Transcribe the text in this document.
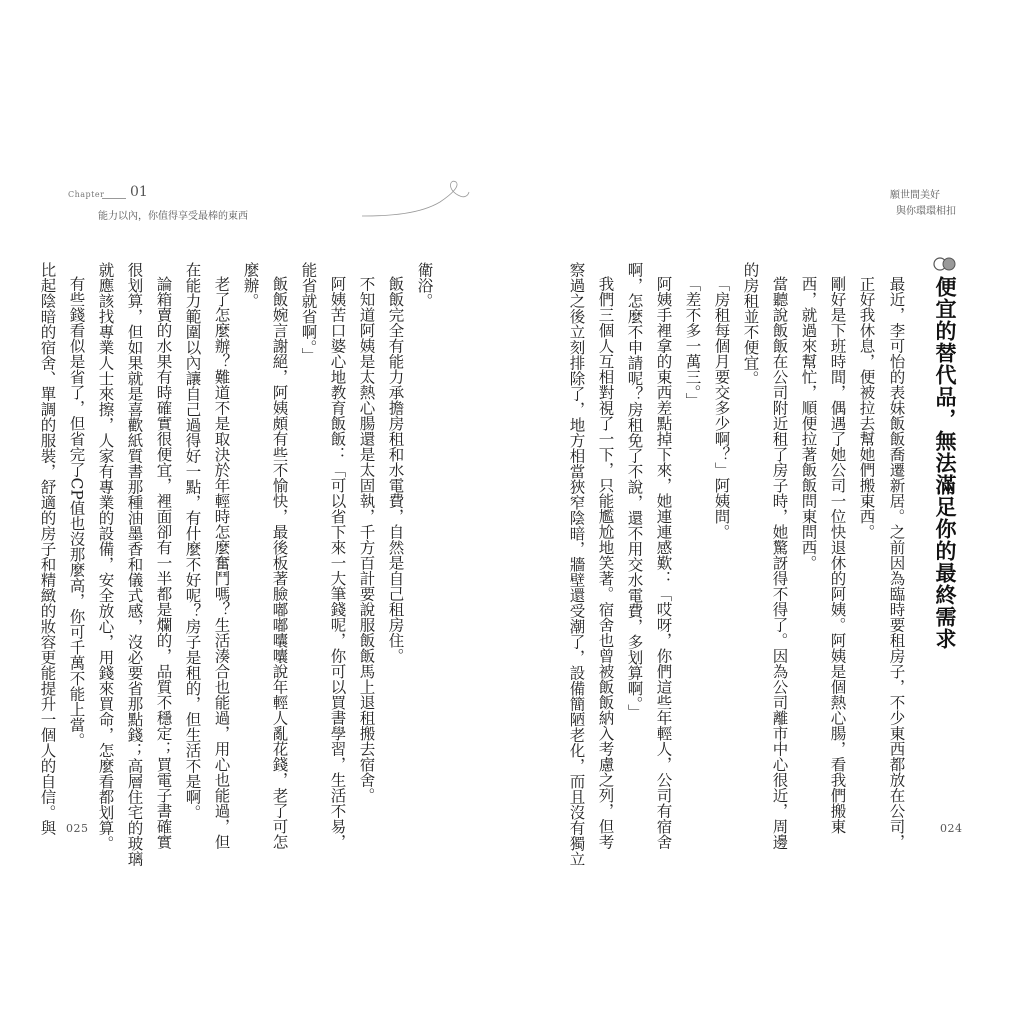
Chapter 01
能力以內，你值得享受最棒的東西
願世間美好
與你環環相扣
便宜的替代品，無法滿足你的最終需求
最近，李可怡的表妹飯飯喬遷新居。之前因為臨時要租房子，不少東西都放在公司，
正好我休息，便被拉去幫她們搬東西。
剛好是下班時間，偶遇了她公司一位快退休的阿姨。阿姨是個熱心腸，看我們搬東
西，就過來幫忙，順便拉著飯飯問東問西。
當聽說飯飯在公司附近租了房子時，她驚訝得不得了。因為公司離市中心很近，周邊
的房租並不便宜。
「房租每個月要交多少啊？」阿姨問。
「差不多一萬三。」
阿姨手裡拿的東西差點掉下來，她連連感歎：「哎呀，你們這些年輕人，公司有宿舍
啊，怎麼不申請呢？房租免了不說，還不用交水電費，多划算啊。」
我們三個人互相對視了一下，只能尷尬地笑著。宿舍也曾被飯飯納入考慮之列，但考
察過之後立刻排除了，地方相當狹窄陰暗，牆壁還受潮了，設備簡陋老化，而且沒有獨立
衛浴。
飯飯完全有能力承擔房租和水電費，自然是自己租房住。
不知道阿姨是太熱心腸還是太固執，千方百計要說服飯飯馬上退租搬去宿舍。
阿姨苦口婆心地教育飯飯：「可以省下來一大筆錢呢，你可以買書學習，生活不易，
能省就省啊。」
飯飯婉言謝絕，阿姨頗有些不愉快，最後板著臉嘟嘟囔囔說年輕人亂花錢，老了可怎
麼辦。
老了怎麼辦？難道不是取決於年輕時怎麼奮鬥嗎？生活湊合也能過，用心也能過，但
在能力範圍以內讓自己過得好一點，有什麼不好呢？房子是租的，但生活不是啊。
論箱賣的水果有時確實很便宜，裡面卻有一半都是爛的，品質不穩定；買電子書確實
很划算，但如果就是喜歡紙質書那種油墨香和儀式感，沒必要省那點錢；高層住宅的玻璃
就應該找專業人士來擦，人家有專業的設備，安全放心，用錢來買命，怎麼看都划算。
有些錢看似是省了，但省完了CP值也沒那麼高，你可千萬不能上當。
比起陰暗的宿舍、單調的服裝，舒適的房子和精緻的妝容更能提升一個人的自信。與 025	024
